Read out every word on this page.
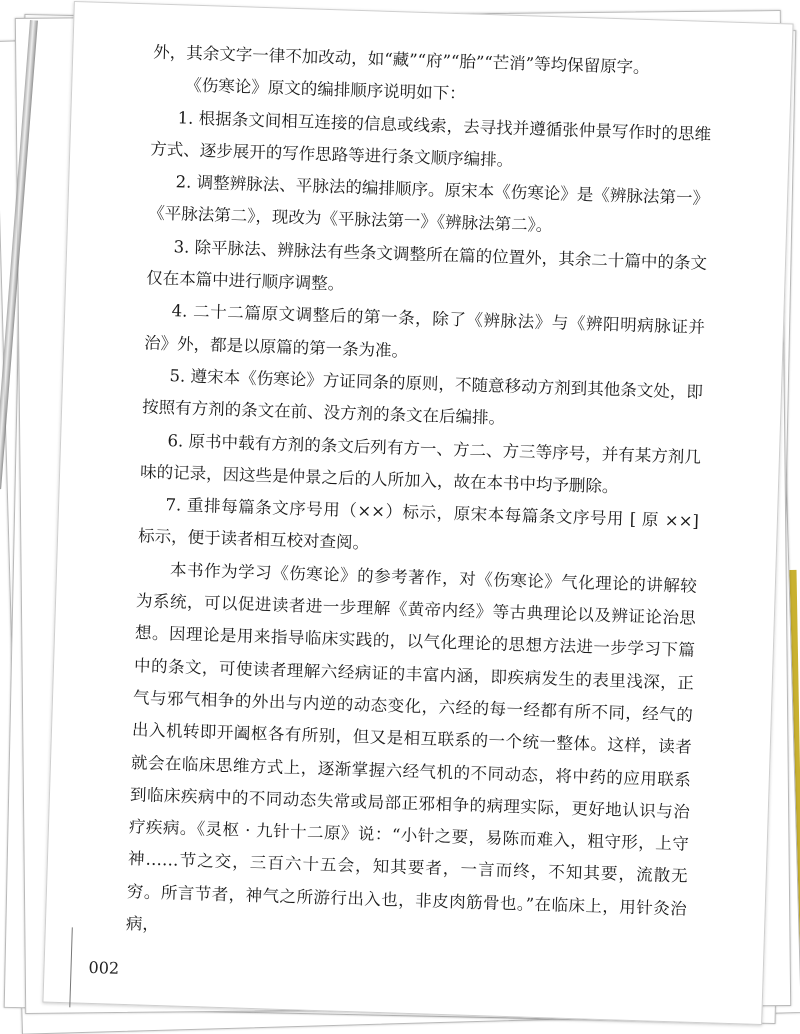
外，其余文字一律不加改动，如“藏”“府”“胎”“芒消”等均保留原字。

《伤寒论》原文的编排顺序说明如下：

1. 根据条文间相互连接的信息或线索，去寻找并遵循张仲景写作时的思维方式、逐步展开的写作思路等进行条文顺序编排。

2. 调整辨脉法、平脉法的编排顺序。原宋本《伤寒论》是《辨脉法第一》《平脉法第二》，现改为《平脉法第一》《辨脉法第二》。

3. 除平脉法、辨脉法有些条文调整所在篇的位置外，其余二十篇中的条文仅在本篇中进行顺序调整。

4. 二十二篇原文调整后的第一条，除了《辨脉法》与《辨阳明病脉证并治》外，都是以原篇的第一条为准。

5. 遵宋本《伤寒论》方证同条的原则，不随意移动方剂到其他条文处，即按照有方剂的条文在前、没方剂的条文在后编排。

6. 原书中载有方剂的条文后列有方一、方二、方三等序号，并有某方剂几味的记录，因这些是仲景之后的人所加入，故在本书中均予删除。

7. 重排每篇条文序号用（××）标示，原宋本每篇条文序号用 [ 原 ××] 标示，便于读者相互校对查阅。

本书作为学习《伤寒论》的参考著作，对《伤寒论》气化理论的讲解较为系统，可以促进读者进一步理解《黄帝内经》等古典理论以及辨证论治思想。因理论是用来指导临床实践的，以气化理论的思想方法进一步学习下篇中的条文，可使读者理解六经病证的丰富内涵，即疾病发生的表里浅深，正气与邪气相争的外出与内逆的动态变化，六经的每一经都有所不同，经气的出入机转即开阖枢各有所别，但又是相互联系的一个统一整体。这样，读者就会在临床思维方式上，逐渐掌握六经气机的不同动态，将中药的应用联系到临床疾病中的不同动态失常或局部正邪相争的病理实际，更好地认识与治疗疾病。《灵枢 · 九针十二原》说：“小针之要，易陈而难入，粗守形，上守神……节之交，三百六十五会，知其要者，一言而终，不知其要，流散无穷。所言节者，神气之所游行出入也，非皮肉筋骨也。”在临床上，用针灸治病，

002
